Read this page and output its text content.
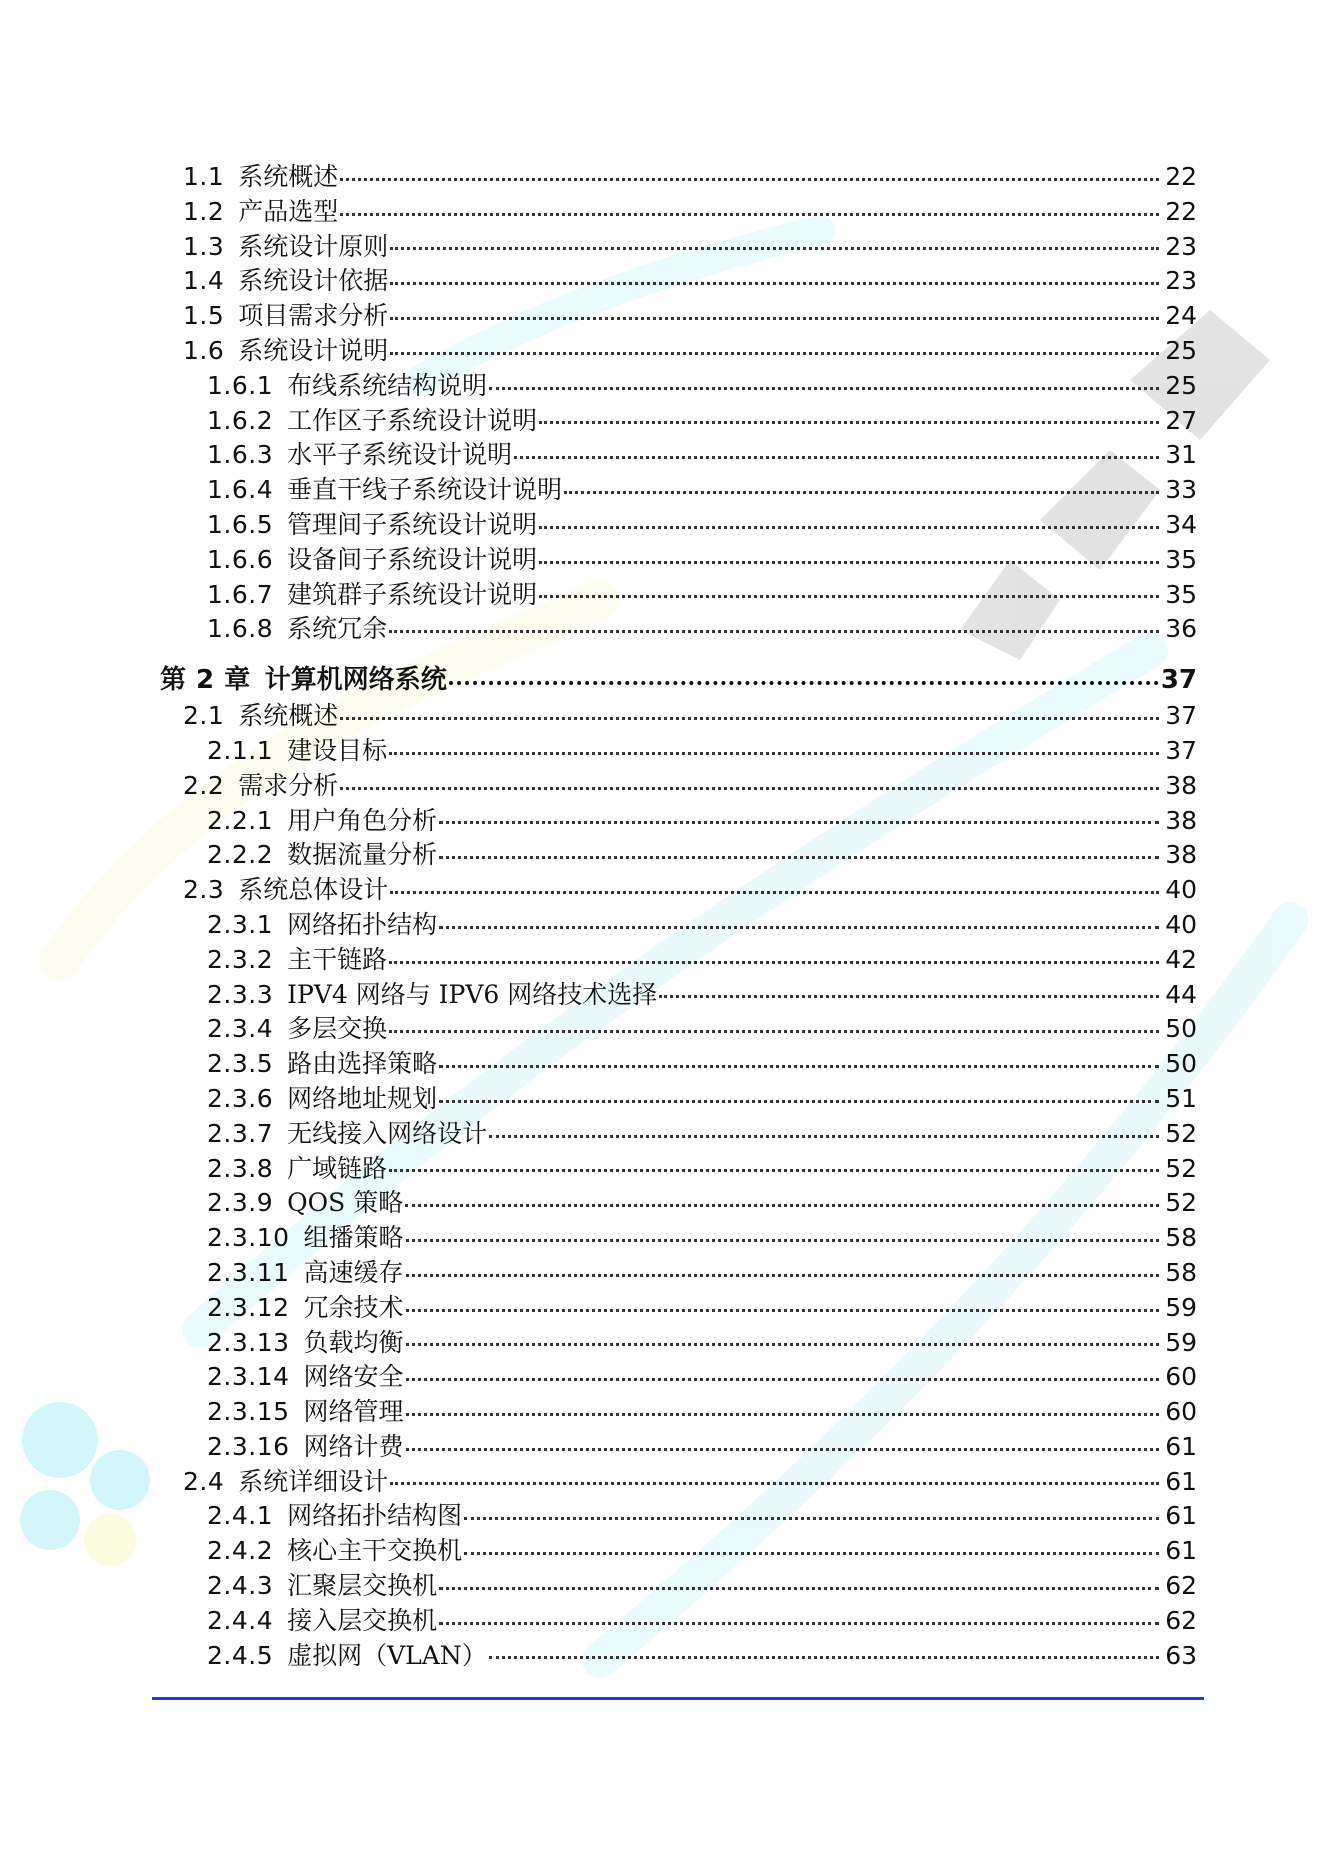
1.1 系统概述	22
1.2 产品选型	22
1.3 系统设计原则	23
1.4 系统设计依据	23
1.5 项目需求分析	24
1.6 系统设计说明	25
1.6.1 布线系统结构说明	25
1.6.2 工作区子系统设计说明	27
1.6.3 水平子系统设计说明	31
1.6.4 垂直干线子系统设计说明	33
1.6.5 管理间子系统设计说明	34
1.6.6 设备间子系统设计说明	35
1.6.7 建筑群子系统设计说明	35
1.6.8 系统冗余	36
第 2 章 计算机网络系统	37
2.1 系统概述	37
2.1.1 建设目标	37
2.2 需求分析	38
2.2.1 用户角色分析	38
2.2.2 数据流量分析	38
2.3 系统总体设计	40
2.3.1 网络拓扑结构	40
2.3.2 主干链路	42
2.3.3 IPV4 网络与 IPV6 网络技术选择	44
2.3.4 多层交换	50
2.3.5 路由选择策略	50
2.3.6 网络地址规划	51
2.3.7 无线接入网络设计	52
2.3.8 广域链路	52
2.3.9 QOS 策略	52
2.3.10 组播策略	58
2.3.11 高速缓存	58
2.3.12 冗余技术	59
2.3.13 负载均衡	59
2.3.14 网络安全	60
2.3.15 网络管理	60
2.3.16 网络计费	61
2.4 系统详细设计	61
2.4.1 网络拓扑结构图	61
2.4.2 核心主干交换机	61
2.4.3 汇聚层交换机	62
2.4.4 接入层交换机	62
2.4.5 虚拟网（VLAN）	63
